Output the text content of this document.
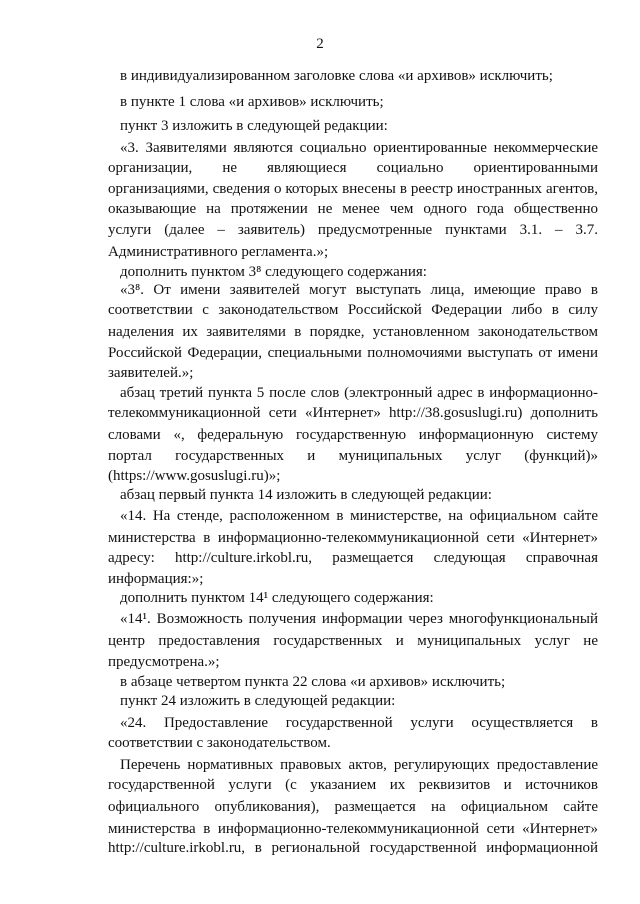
2
в индивидуализированном заголовке слова «и архивов» исключить;
в пункте 1 слова «и архивов» исключить;
пункт 3 изложить в следующей редакции:
«3. Заявителями являются социально ориентированные некоммерческие
организации, не являющиеся социально ориентированными
организациями, сведения о которых внесены в реестр иностранных агентов,
оказывающие на протяжении не менее чем одного года общественно
услуги (далее – заявитель) предусмотренные пунктами 3.1. – 3.7.
Административного регламента.»;
дополнить пунктом 3⁸ следующего содержания:
«3⁸. От имени заявителей могут выступать лица, имеющие право в
соответствии с законодательством Российской Федерации либо в силу
наделения их заявителями в порядке, установленном законодательством
Российской Федерации, специальными полномочиями выступать от имени
заявителей.»;
абзац третий пункта 5 после слов (электронный адрес в информационно-
телекоммуникационной сети «Интернет» http://38.gosuslugi.ru) дополнить
словами «, федеральную государственную информационную систему
портал государственных и муниципальных услуг (функций)»
(https://www.gosuslugi.ru)»;
абзац первый пункта 14 изложить в следующей редакции:
«14. На стенде, расположенном в министерстве, на официальном сайте
министерства в информационно-телекоммуникационной сети «Интернет»
адресу: http://culture.irkobl.ru, размещается следующая справочная
информация:»;
дополнить пунктом 14¹ следующего содержания:
«14¹. Возможность получения информации через многофункциональный
центр предоставления государственных и муниципальных услуг не
предусмотрена.»;
в абзаце четвертом пункта 22 слова «и архивов» исключить;
пункт 24 изложить в следующей редакции:
«24. Предоставление государственной услуги осуществляется в
соответствии с законодательством.
Перечень нормативных правовых актов, регулирующих предоставление
государственной услуги (с указанием их реквизитов и источников
официального опубликования), размещается на официальном сайте
министерства в информационно-телекоммуникационной сети «Интернет»
http://culture.irkobl.ru, в региональной государственной информационной
